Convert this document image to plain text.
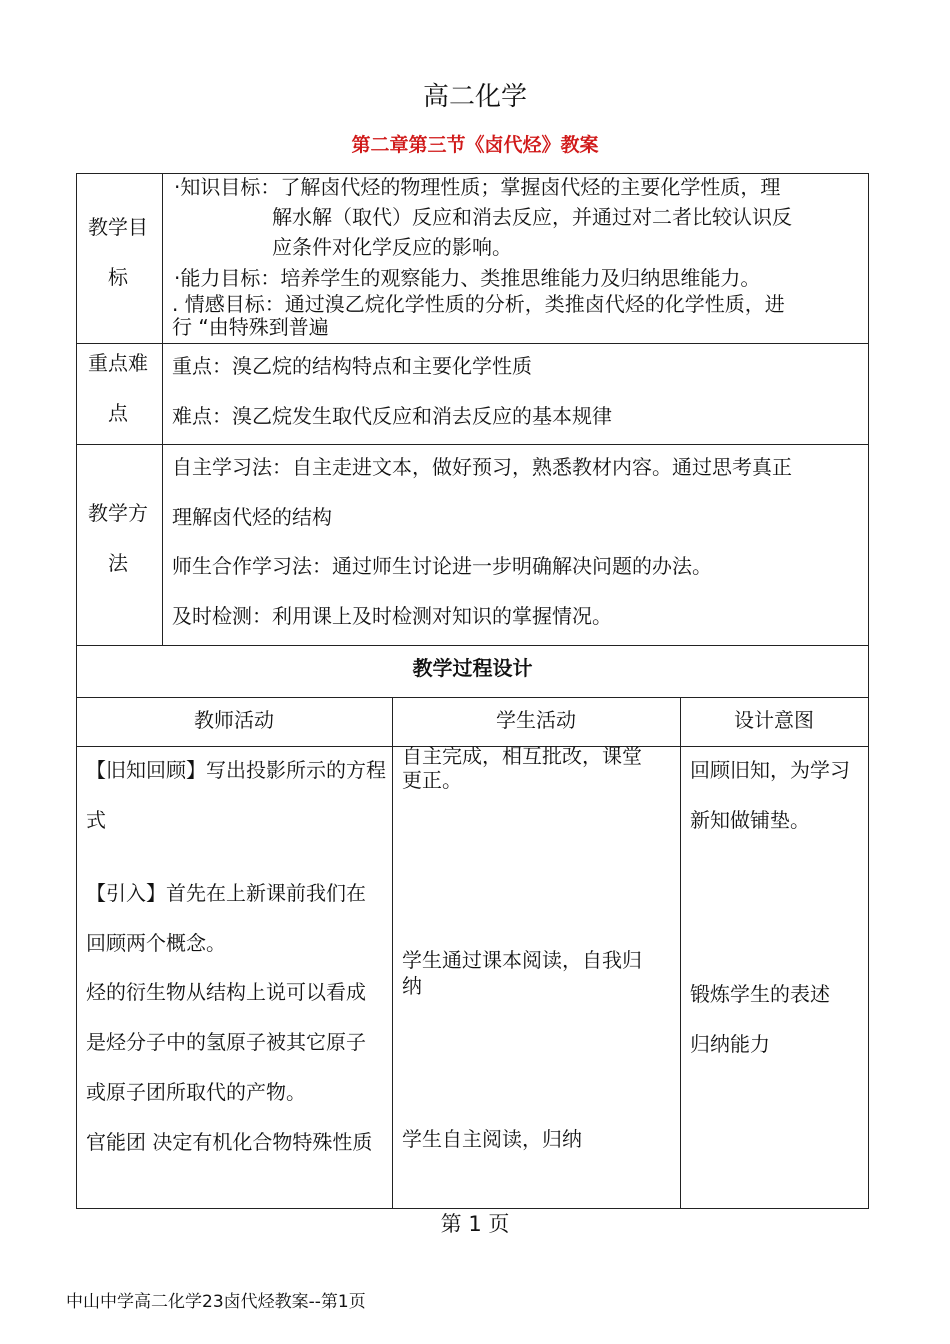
高二化学
第二章第三节《卤代烃》教案
教学目
标
·知识目标：了解卤代烃的物理性质；掌握卤代烃的主要化学性质，理
解水解（取代）反应和消去反应，并通过对二者比较认识反
应条件对化学反应的影响。
·能力目标：培养学生的观察能力、类推思维能力及归纳思维能力。
. 情感目标：通过溴乙烷化学性质的分析，类推卤代烃的化学性质，进
行 “由特殊到普遍
重点难
点
重点：溴乙烷的结构特点和主要化学性质
难点：溴乙烷发生取代反应和消去反应的基本规律
教学方
法
自主学习法：自主走进文本，做好预习，熟悉教材内容。通过思考真正
理解卤代烃的结构
师生合作学习法：通过师生讨论进一步明确解决问题的办法。
及时检测：利用课上及时检测对知识的掌握情况。
教学过程设计
教师活动	学生活动	设计意图
【旧知回顾】写出投影所示的方程
式
【引入】首先在上新课前我们在
回顾两个概念。
烃的衍生物从结构上说可以看成
是烃分子中的氢原子被其它原子
或原子团所取代的产物。
官能团 决定有机化合物特殊性质
自主完成，相互批改，课堂
更正。
学生通过课本阅读，自我归
纳
学生自主阅读，归纳
回顾旧知，为学习
新知做铺垫。
锻炼学生的表述
归纳能力
第 1 页
中山中学高二化学23卤代烃教案--第1页
